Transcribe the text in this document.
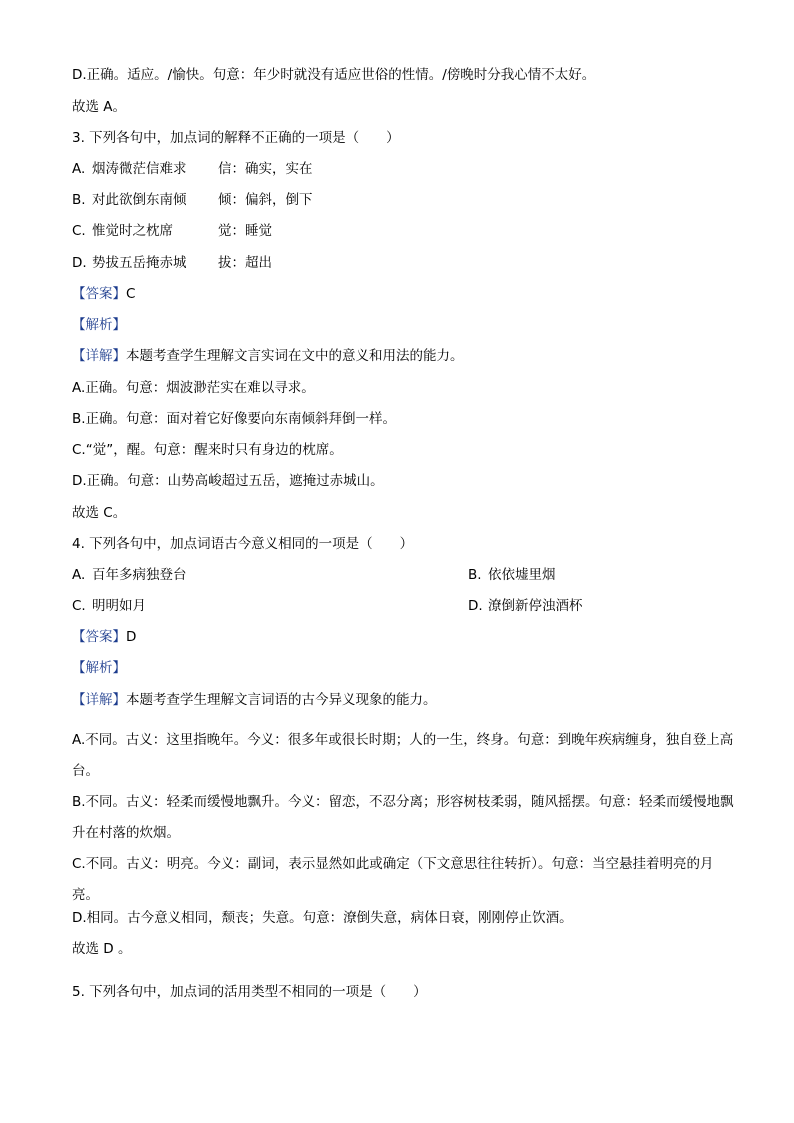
D.正确。适应。/愉快。句意：年少时就没有适应世俗的性情。/傍晚时分我心情不太好。
故选 A。
3. 下列各句中，加点词的解释不正确的一项是（　　）
A. 烟涛微茫信难求 信：确实，实在
B. 对此欲倒东南倾 倾：偏斜，倒下
C. 惟觉时之枕席	觉：睡觉
D. 势拔五岳掩赤城 拔：超出
【答案】C
【解析】
【详解】本题考查学生理解文言实词在文中的意义和用法的能力。
A.正确。句意：烟波渺茫实在难以寻求。
B.正确。句意：面对着它好像要向东南倾斜拜倒一样。
C.“觉”，醒。句意：醒来时只有身边的枕席。
D.正确。句意：山势高峻超过五岳，遮掩过赤城山。
故选 C。
4. 下列各句中，加点词语古今意义相同的一项是（　　）
A. 百年多病独登台	B. 依依墟里烟
C. 明明如月	D. 潦倒新停浊酒杯
【答案】D
【解析】
【详解】本题考查学生理解文言词语的古今异义现象的能力。
A.不同。古义：这里指晚年。今义：很多年或很长时期；人的一生，终身。句意：到晚年疾病缠身，独自登上高台。
B.不同。古义：轻柔而缓慢地飘升。今义：留恋，不忍分离；形容树枝柔弱，随风摇摆。句意：轻柔而缓慢地飘升在村落的炊烟。
C.不同。古义：明亮。今义：副词，表示显然如此或确定（下文意思往往转折）。句意：当空悬挂着明亮的月亮。
D.相同。古今意义相同，颓丧；失意。句意：潦倒失意，病体日衰，刚刚停止饮酒。
故选 D 。
5. 下列各句中，加点词的活用类型不相同的一项是（　　）
